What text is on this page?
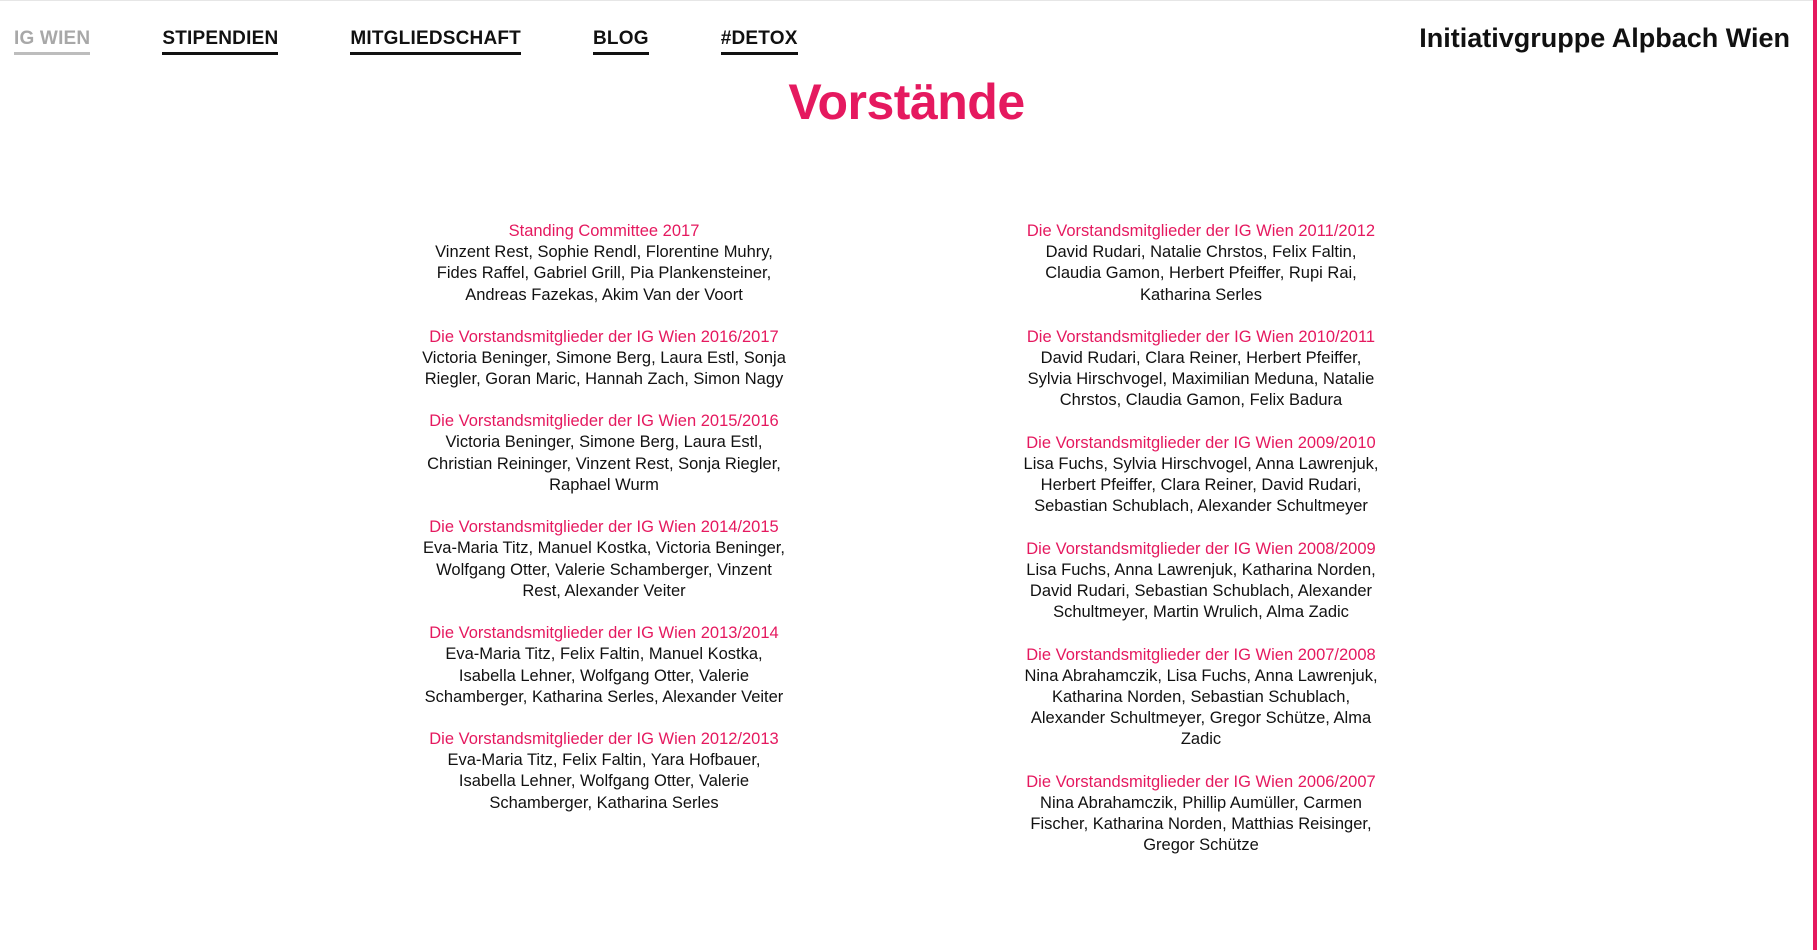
IG WIEN	STIPENDIEN	MITGLIEDSCHAFT	BLOG	#DETOX	Initiativgruppe Alpbach Wien
Vorstände
Standing Committee 2017
Vinzent Rest, Sophie Rendl, Florentine Muhry, Fides Raffel, Gabriel Grill, Pia Plankensteiner, Andreas Fazekas, Akim Van der Voort
Die Vorstandsmitglieder der IG Wien 2016/2017
Victoria Beninger, Simone Berg, Laura Estl, Sonja Riegler, Goran Maric, Hannah Zach, Simon Nagy
Die Vorstandsmitglieder der IG Wien 2015/2016
Victoria Beninger, Simone Berg, Laura Estl, Christian Reininger, Vinzent Rest, Sonja Riegler, Raphael Wurm
Die Vorstandsmitglieder der IG Wien 2014/2015
Eva-Maria Titz, Manuel Kostka, Victoria Beninger, Wolfgang Otter, Valerie Schamberger, Vinzent Rest, Alexander Veiter
Die Vorstandsmitglieder der IG Wien 2013/2014
Eva-Maria Titz, Felix Faltin, Manuel Kostka, Isabella Lehner, Wolfgang Otter, Valerie Schamberger, Katharina Serles, Alexander Veiter
Die Vorstandsmitglieder der IG Wien 2012/2013
Eva-Maria Titz, Felix Faltin, Yara Hofbauer, Isabella Lehner, Wolfgang Otter, Valerie Schamberger, Katharina Serles
Die Vorstandsmitglieder der IG Wien 2011/2012
David Rudari, Natalie Chrstos, Felix Faltin, Claudia Gamon, Herbert Pfeiffer, Rupi Rai, Katharina Serles
Die Vorstandsmitglieder der IG Wien 2010/2011
David Rudari, Clara Reiner, Herbert Pfeiffer, Sylvia Hirschvogel, Maximilian Meduna, Natalie Chrstos, Claudia Gamon, Felix Badura
Die Vorstandsmitglieder der IG Wien 2009/2010
Lisa Fuchs, Sylvia Hirschvogel, Anna Lawrenjuk, Herbert Pfeiffer, Clara Reiner, David Rudari, Sebastian Schublach, Alexander Schultmeyer
Die Vorstandsmitglieder der IG Wien 2008/2009
Lisa Fuchs, Anna Lawrenjuk, Katharina Norden, David Rudari, Sebastian Schublach, Alexander Schultmeyer, Martin Wrulich, Alma Zadic
Die Vorstandsmitglieder der IG Wien 2007/2008
Nina Abrahamczik, Lisa Fuchs, Anna Lawrenjuk, Katharina Norden, Sebastian Schublach, Alexander Schultmeyer, Gregor Schütze, Alma Zadic
Die Vorstandsmitglieder der IG Wien 2006/2007
Nina Abrahamczik, Phillip Aumüller, Carmen Fischer, Katharina Norden, Matthias Reisinger, Gregor Schütze
